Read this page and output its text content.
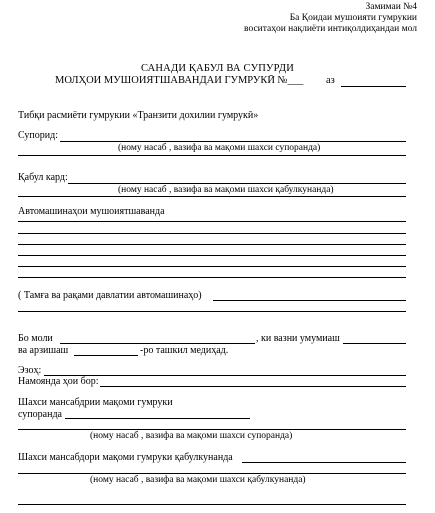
Замимаи №4
Ба Қоидаи мушоияти гумрукии
воситаҳои нақлиёти интиқолдиҳандаи мол
САНАДИ ҚАБУЛ ВА СУПУРДИ
МОЛҲОИ МУШОИЯТШАВАНДАИ ГУМРУКӢ №___ аз
Тибқи расмиёти гумрукии «Транзити дохилии гумрукӣ»
Супорид:
(ному насаб , вазифа ва мақоми шахси супоранда)
Қабул кард:
(ному насаб , вазифа ва мақоми шахси қабулкунанда)
Автомашинаҳои мушоиятшаванда
( Тамға ва рақами давлатии автомашинаҳо)
Бо моли	, ки вазни умумиаш
ва арзишаш	-ро ташкил медиҳад.
Эзоҳ:
Намоянда ҳои бор:
Шахси мансабдрии мақоми гумруки
супоранда
(ному насаб , вазифа ва мақоми шахси супоранда)
Шахси мансабдори мақоми гумруки қабулкунанда
(ному насаб , вазифа ва мақоми шахси қабулкунанда)
